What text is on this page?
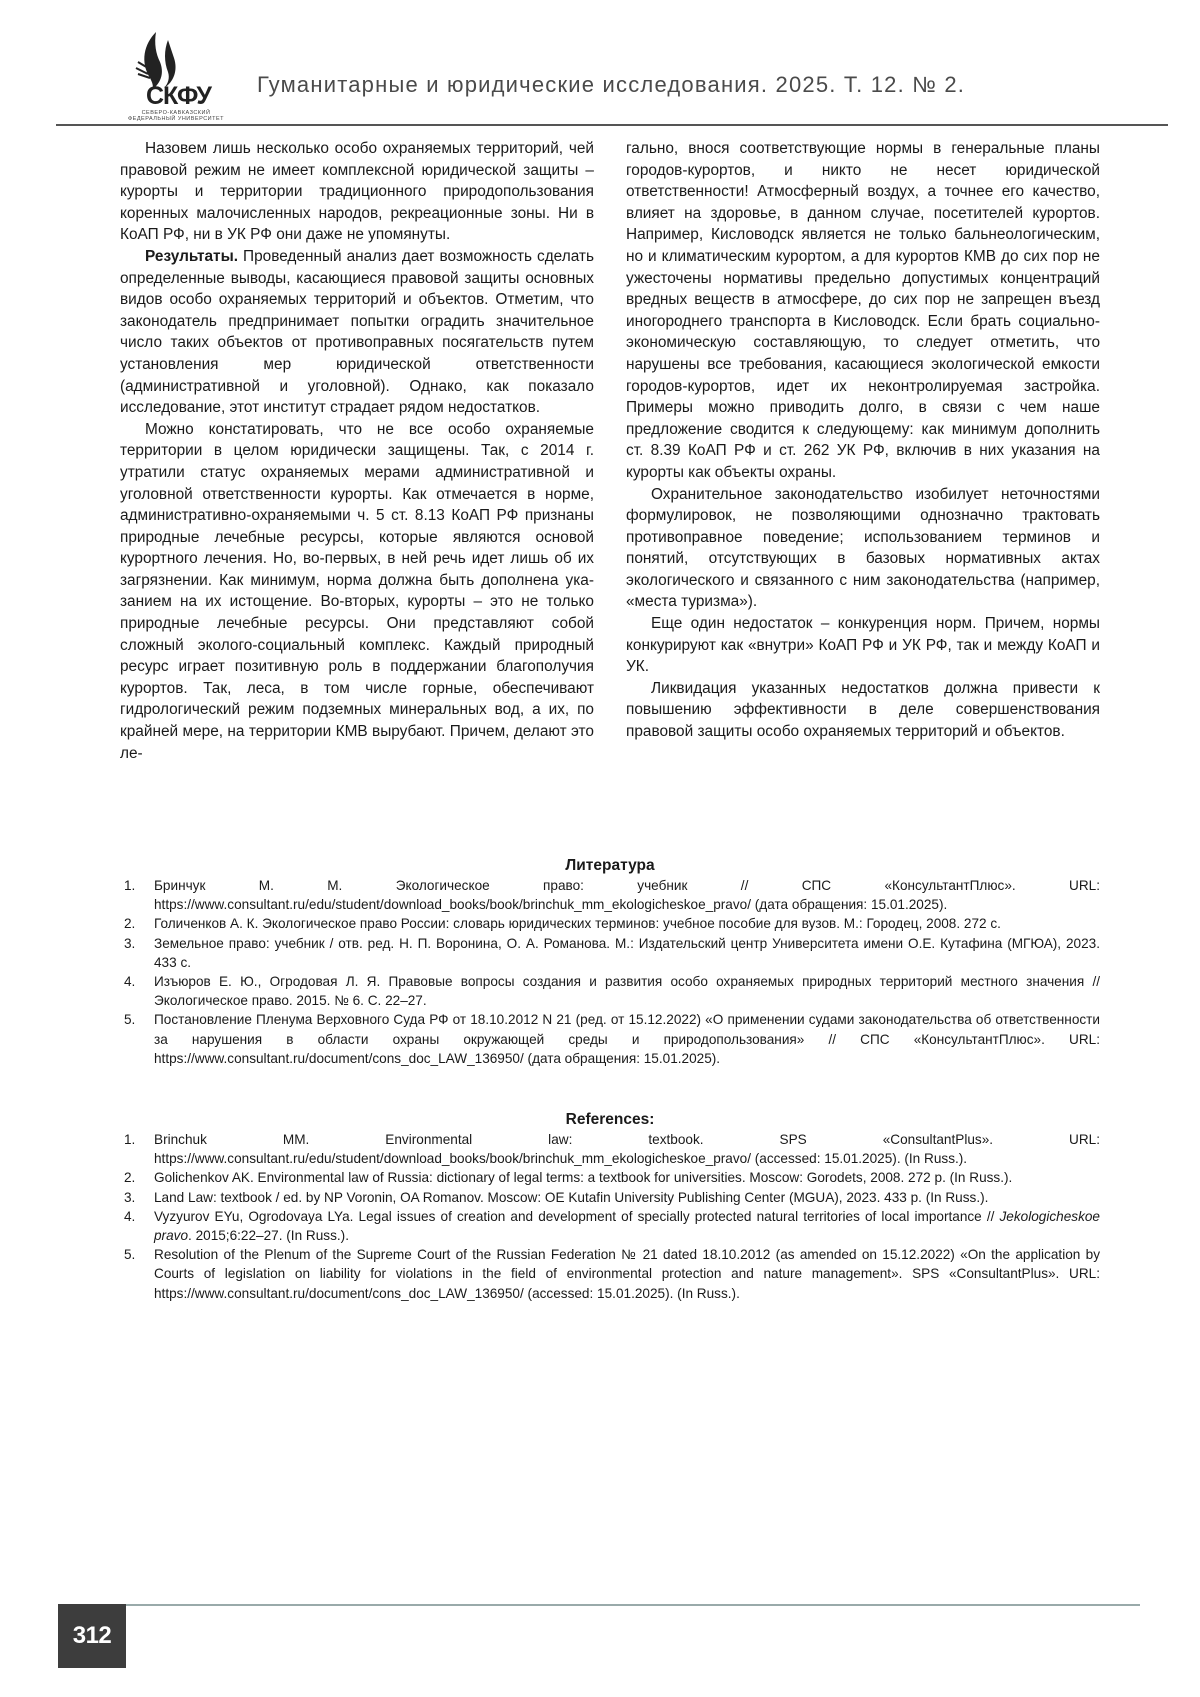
СКФУ
СЕВЕРО-КАВКАЗСКИЙ
ФЕДЕРАЛЬНЫЙ УНИВЕРСИТЕТ
Гуманитарные и юридические исследования. 2025. Т. 12. № 2.

Назовем лишь несколько особо охраняемых территорий, чей правовой режим не имеет комплексной юридической защиты – курорты и территории традиционного природопользования коренных малочисленных народов, рекреационные зоны. Ни в КоАП РФ, ни в УК РФ они даже не упомянуты.

Результаты. Проведенный анализ дает возможность сделать определенные выводы, касающиеся правовой защиты основных видов особо охраняемых территорий и объектов. Отметим, что законодатель предпринимает попытки оградить значительное число таких объектов от противоправных посягательств путем установления мер юридической ответственности (административной и уголовной). Однако, как показало исследование, этот институт страдает рядом недостатков.

Можно констатировать, что не все особо охраняемые территории в целом юридически защищены. Так, с 2014 г. утратили статус охраняемых мерами административной и уголовной ответственности курорты. Как отмечается в норме, административно-охраняемыми ч. 5 ст. 8.13 КоАП РФ признаны природные лечебные ресурсы, которые являются основой курортного лечения. Но, во-первых, в ней речь идет лишь об их загрязнении. Как минимум, норма должна быть дополнена указанием на их истощение. Во-вторых, курорты – это не только природные лечебные ресурсы. Они представляют собой сложный эколого-социальный комплекс. Каждый природный ресурс играет позитивную роль в поддержании благополучия курортов. Так, леса, в том числе горные, обеспечивают гидрологический режим подземных минеральных вод, а их, по крайней мере, на территории КМВ вырубают. Причем, делают это ле-

гально, внося соответствующие нормы в генеральные планы городов-курортов, и никто не несет юридической ответственности! Атмосферный воздух, а точнее его качество, влияет на здоровье, в данном случае, посетителей курортов. Например, Кисловодск является не только бальнеологическим, но и климатическим курортом, а для курортов КМВ до сих пор не ужесточены нормативы предельно допустимых концентраций вредных веществ в атмосфере, до сих пор не запрещен въезд иногороднего транспорта в Кисловодск. Если брать социально-экономическую составляющую, то следует отметить, что нарушены все требования, касающиеся экологической емкости городов-курортов, идет их неконтролируемая застройка. Примеры можно приводить долго, в связи с чем наше предложение сводится к следующему: как минимум дополнить ст. 8.39 КоАП РФ и ст. 262 УК РФ, включив в них указания на курорты как объекты охраны.

Охранительное законодательство изобилует неточностями формулировок, не позволяющими однозначно трактовать противоправное поведение; использованием терминов и понятий, отсутствующих в базовых нормативных актах экологического и связанного с ним законодательства (например, «места туризма»).

Еще один недостаток – конкуренция норм. Причем, нормы конкурируют как «внутри» КоАП РФ и УК РФ, так и между КоАП и УК.

Ликвидация указанных недостатков должна привести к повышению эффективности в деле совершенствования правовой защиты особо охраняемых территорий и объектов.

Литература
1. Бринчук М. М. Экологическое право: учебник // СПС «КонсультантПлюс». URL: https://www.consultant.ru/edu/student/download_books/book/brinchuk_mm_ekologicheskoe_pravo/ (дата обращения: 15.01.2025).
2. Голиченков А. К. Экологическое право России: словарь юридических терминов: учебное пособие для вузов. М.: Городец, 2008. 272 с.
3. Земельное право: учебник / отв. ред. Н. П. Воронина, О. А. Романова. М.: Издательский центр Университета имени О.Е. Кутафина (МГЮА), 2023. 433 с.
4. Изъюров Е. Ю., Огродовая Л. Я. Правовые вопросы создания и развития особо охраняемых природных территорий местного значения // Экологическое право. 2015. № 6. С. 22–27.
5. Постановление Пленума Верховного Суда РФ от 18.10.2012 N 21 (ред. от 15.12.2022) «О применении судами законодательства об ответственности за нарушения в области охраны окружающей среды и природопользования» // СПС «КонсультантПлюс». URL: https://www.consultant.ru/document/cons_doc_LAW_136950/ (дата обращения: 15.01.2025).
References:
1. Brinchuk MM. Environmental law: textbook. SPS «ConsultantPlus». URL: https://www.consultant.ru/edu/student/download_books/book/brinchuk_mm_ekologicheskoe_pravo/ (accessed: 15.01.2025). (In Russ.).
2. Golichenkov AK. Environmental law of Russia: dictionary of legal terms: a textbook for universities. Moscow: Gorodets, 2008. 272 p. (In Russ.).
3. Land Law: textbook / ed. by NP Voronin, OA Romanov. Moscow: OE Kutafin University Publishing Center (MGUA), 2023. 433 p. (In Russ.).
4. Vyzyurov EYu, Ogrodovaya LYa. Legal issues of creation and development of specially protected natural territories of local importance // Jekologicheskoe pravo. 2015;6:22–27. (In Russ.).
5. Resolution of the Plenum of the Supreme Court of the Russian Federation № 21 dated 18.10.2012 (as amended on 15.12.2022) «On the application by Courts of legislation on liability for violations in the field of environmental protection and nature management». SPS «ConsultantPlus». URL: https://www.consultant.ru/document/cons_doc_LAW_136950/ (accessed: 15.01.2025). (In Russ.).
312
